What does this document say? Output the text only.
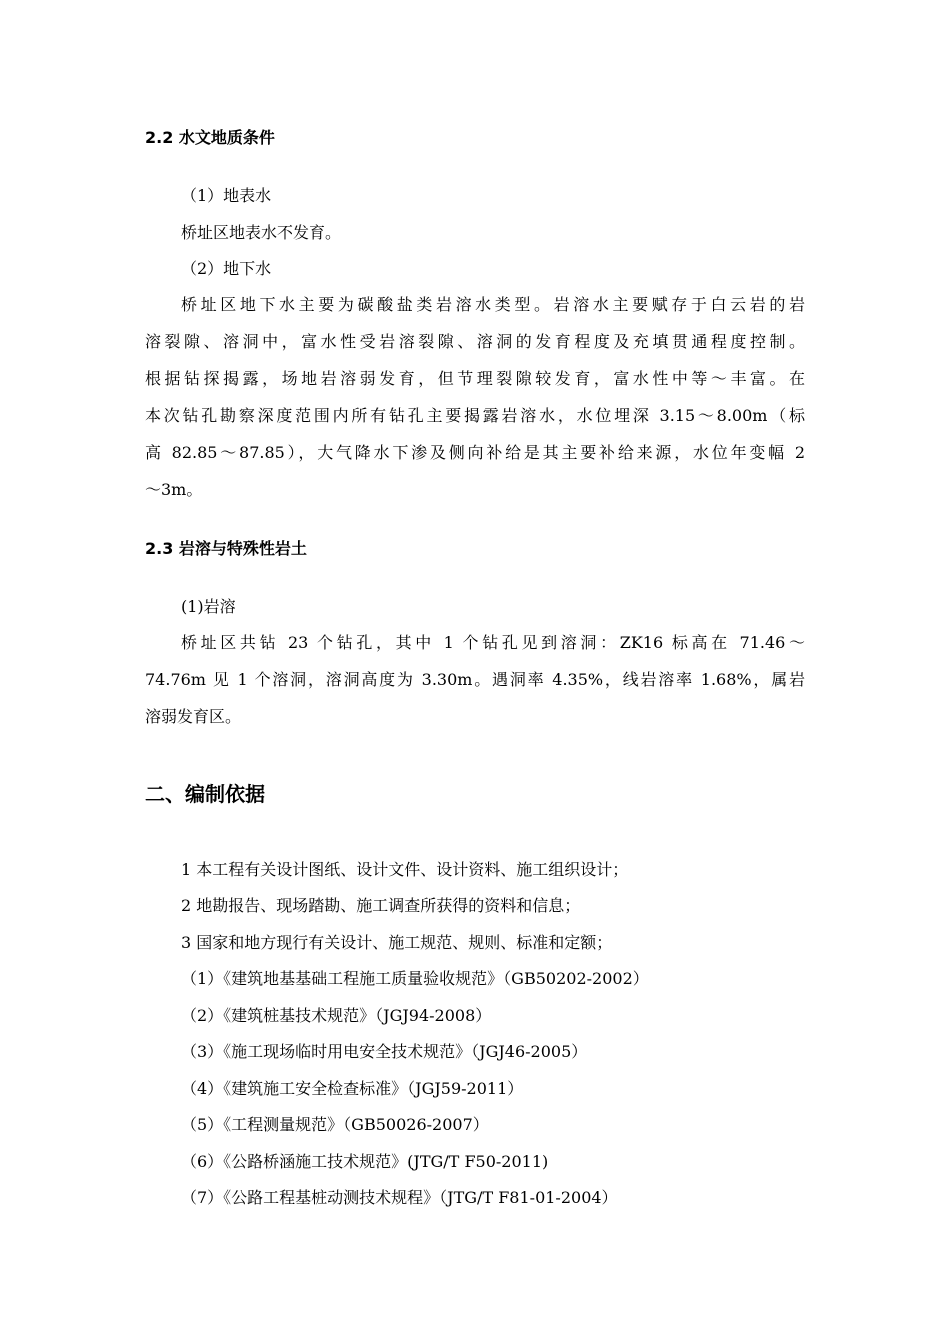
2.2 水文地质条件
（1）地表水
桥址区地表水不发育。
（2）地下水
桥址区地下水主要为碳酸盐类岩溶水类型。岩溶水主要赋存于白云岩的岩
溶裂隙、溶洞中，富水性受岩溶裂隙、溶洞的发育程度及充填贯通程度控制。
根据钻探揭露，场地岩溶弱发育，但节理裂隙较发育，富水性中等～丰富。在
本次钻孔勘察深度范围内所有钻孔主要揭露岩溶水，水位埋深 3.15～8.00m（标
高 82.85～87.85），大气降水下渗及侧向补给是其主要补给来源，水位年变幅 2
～3m。
2.3 岩溶与特殊性岩土
(1)岩溶
桥址区共钻 23 个钻孔，其中 1 个钻孔见到溶洞：ZK16 标高在 71.46～
74.76m 见 1 个溶洞，溶洞高度为 3.30m。遇洞率 4.35%，线岩溶率 1.68%，属岩
溶弱发育区。
二、编制依据
1 本工程有关设计图纸、设计文件、设计资料、施工组织设计；
2 地勘报告、现场踏勘、施工调查所获得的资料和信息；
3 国家和地方现行有关设计、施工规范、规则、标准和定额；
（1）《建筑地基基础工程施工质量验收规范》（GB50202-2002）
（2）《建筑桩基技术规范》（JGJ94-2008）
（3）《施工现场临时用电安全技术规范》（JGJ46-2005）
（4）《建筑施工安全检查标准》（JGJ59-2011）
（5）《工程测量规范》（GB50026-2007）
（6）《公路桥涵施工技术规范》(JTG/T F50-2011)
（7）《公路工程基桩动测技术规程》（JTG/T F81-01-2004）
